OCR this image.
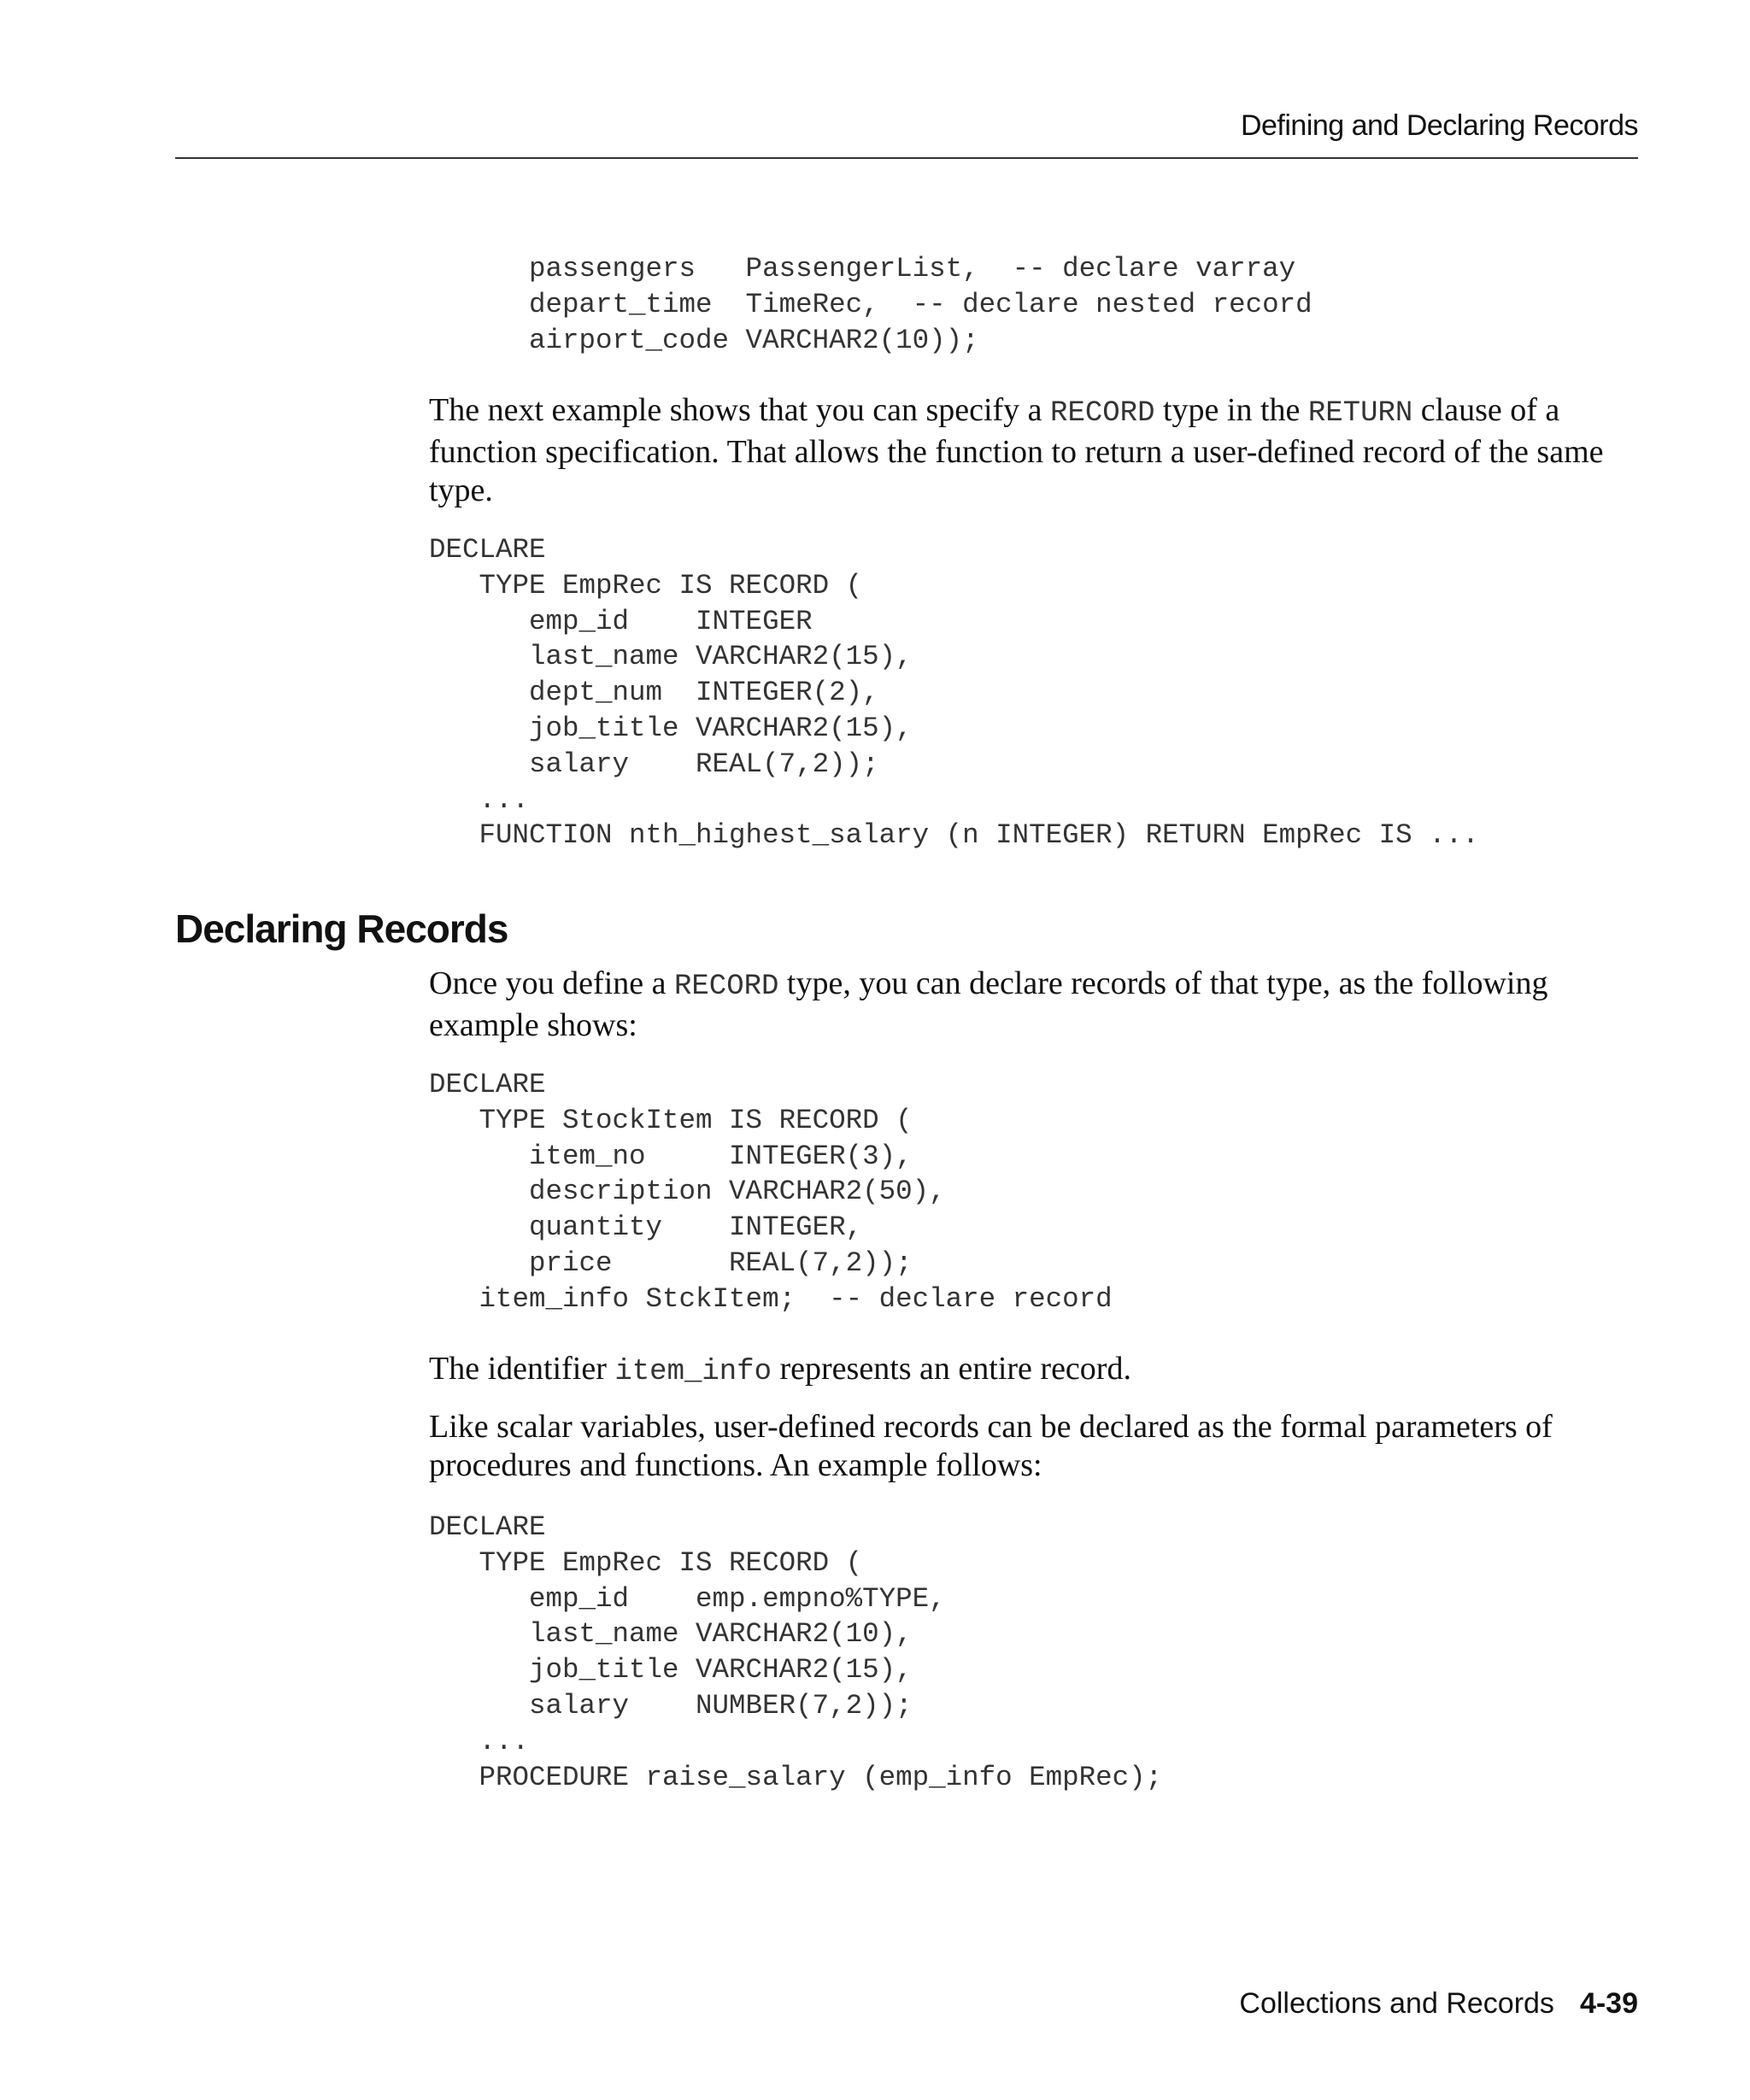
Defining and Declaring Records
passengers   PassengerList,  -- declare varray
depart_time  TimeRec,  -- declare nested record
airport_code VARCHAR2(10));

The next example shows that you can specify a RECORD type in the RETURN clause of a function specification. That allows the function to return a user-defined record of the same type.

DECLARE
TYPE EmpRec IS RECORD (
emp_id    INTEGER
last_name VARCHAR2(15),
dept_num  INTEGER(2),
job_title VARCHAR2(15),
salary    REAL(7,2));
...
FUNCTION nth_highest_salary (n INTEGER) RETURN EmpRec IS ...
Declaring Records

Once you define a RECORD type, you can declare records of that type, as the following example shows:

DECLARE
TYPE StockItem IS RECORD (
item_no     INTEGER(3),
description VARCHAR2(50),
quantity    INTEGER,
price       REAL(7,2));
item_info StckItem;  -- declare record

The identifier item_info represents an entire record.

Like scalar variables, user-defined records can be declared as the formal parameters of procedures and functions. An example follows:

DECLARE
TYPE EmpRec IS RECORD (
emp_id    emp.empno%TYPE,
last_name VARCHAR2(10),
job_title VARCHAR2(15),
salary    NUMBER(7,2));
...
PROCEDURE raise_salary (emp_info EmpRec);
Collections and Records 4-39
